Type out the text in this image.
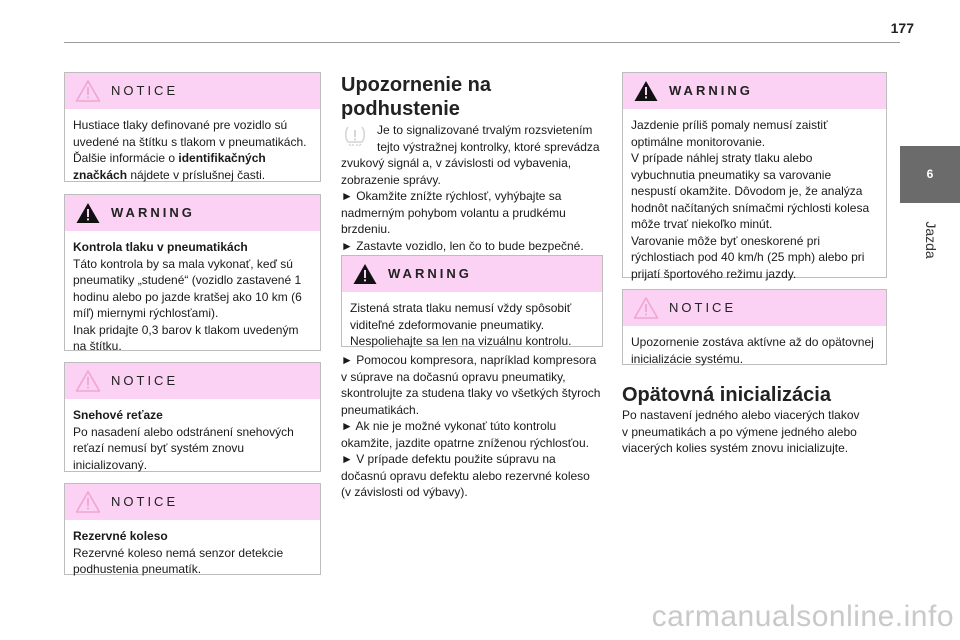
177
6
Jazda
NOTICE
Hustiace tlaky definované pre vozidlo sú
uvedené na štítku s tlakom v pneumatikách.
Ďalšie informácie o identifikačných
značkách nájdete v príslušnej časti.
WARNING
Kontrola tlaku v pneumatikách
Táto kontrola by sa mala vykonať, keď sú
pneumatiky „studené“ (vozidlo zastavené 1
hodinu alebo po jazde kratšej ako 10 km (6
míľ) miernymi rýchlosťami).
Inak pridajte 0,3 barov k tlakom uvedeným
na štítku.
NOTICE
Snehové reťaze
Po nasadení alebo odstránení snehových
reťazí nemusí byť systém znovu
inicializovaný.
NOTICE
Rezervné koleso
Rezervné koleso nemá senzor detekcie
podhustenia pneumatík.
Upozornenie na
podhustenie
Je to signalizované trvalým rozsvietením
tejto výstražnej kontrolky, ktoré sprevádza
zvukový signál a, v závislosti od vybavenia,
zobrazenie správy.
► Okamžite znížte rýchlosť, vyhýbajte sa
nadmerným pohybom volantu a prudkému
brzdeniu.
► Zastavte vozidlo, len čo to bude bezpečné.
WARNING
Zistená strata tlaku nemusí vždy spôsobiť
viditeľné zdeformovanie pneumatiky.
Nespoliehajte sa len na vizuálnu kontrolu.
► Pomocou kompresora, napríklad kompresora
v súprave na dočasnú opravu pneumatiky,
skontrolujte za studena tlaky vo všetkých štyroch
pneumatikách.
► Ak nie je možné vykonať túto kontrolu
okamžite, jazdite opatrne zníženou rýchlosťou.
► V prípade defektu použite súpravu na
dočasnú opravu defektu alebo rezervné koleso
(v závislosti od výbavy).
WARNING
Jazdenie príliš pomaly nemusí zaistiť
optimálne monitorovanie.
V prípade náhlej straty tlaku alebo
vybuchnutia pneumatiky sa varovanie
nespustí okamžite. Dôvodom je, že analýza
hodnôt načítaných snímačmi rýchlosti kolesa
môže trvať niekoľko minút.
Varovanie môže byť oneskorené pri
rýchlostiach pod 40 km/h (25 mph) alebo pri
prijatí športového režimu jazdy.
NOTICE
Upozornenie zostáva aktívne až do opätovnej
inicializácie systému.
Opätovná inicializácia
Po nastavení jedného alebo viacerých tlakov
v pneumatikách a po výmene jedného alebo
viacerých kolies systém znovu inicializujte.
carmanualsonline.info
